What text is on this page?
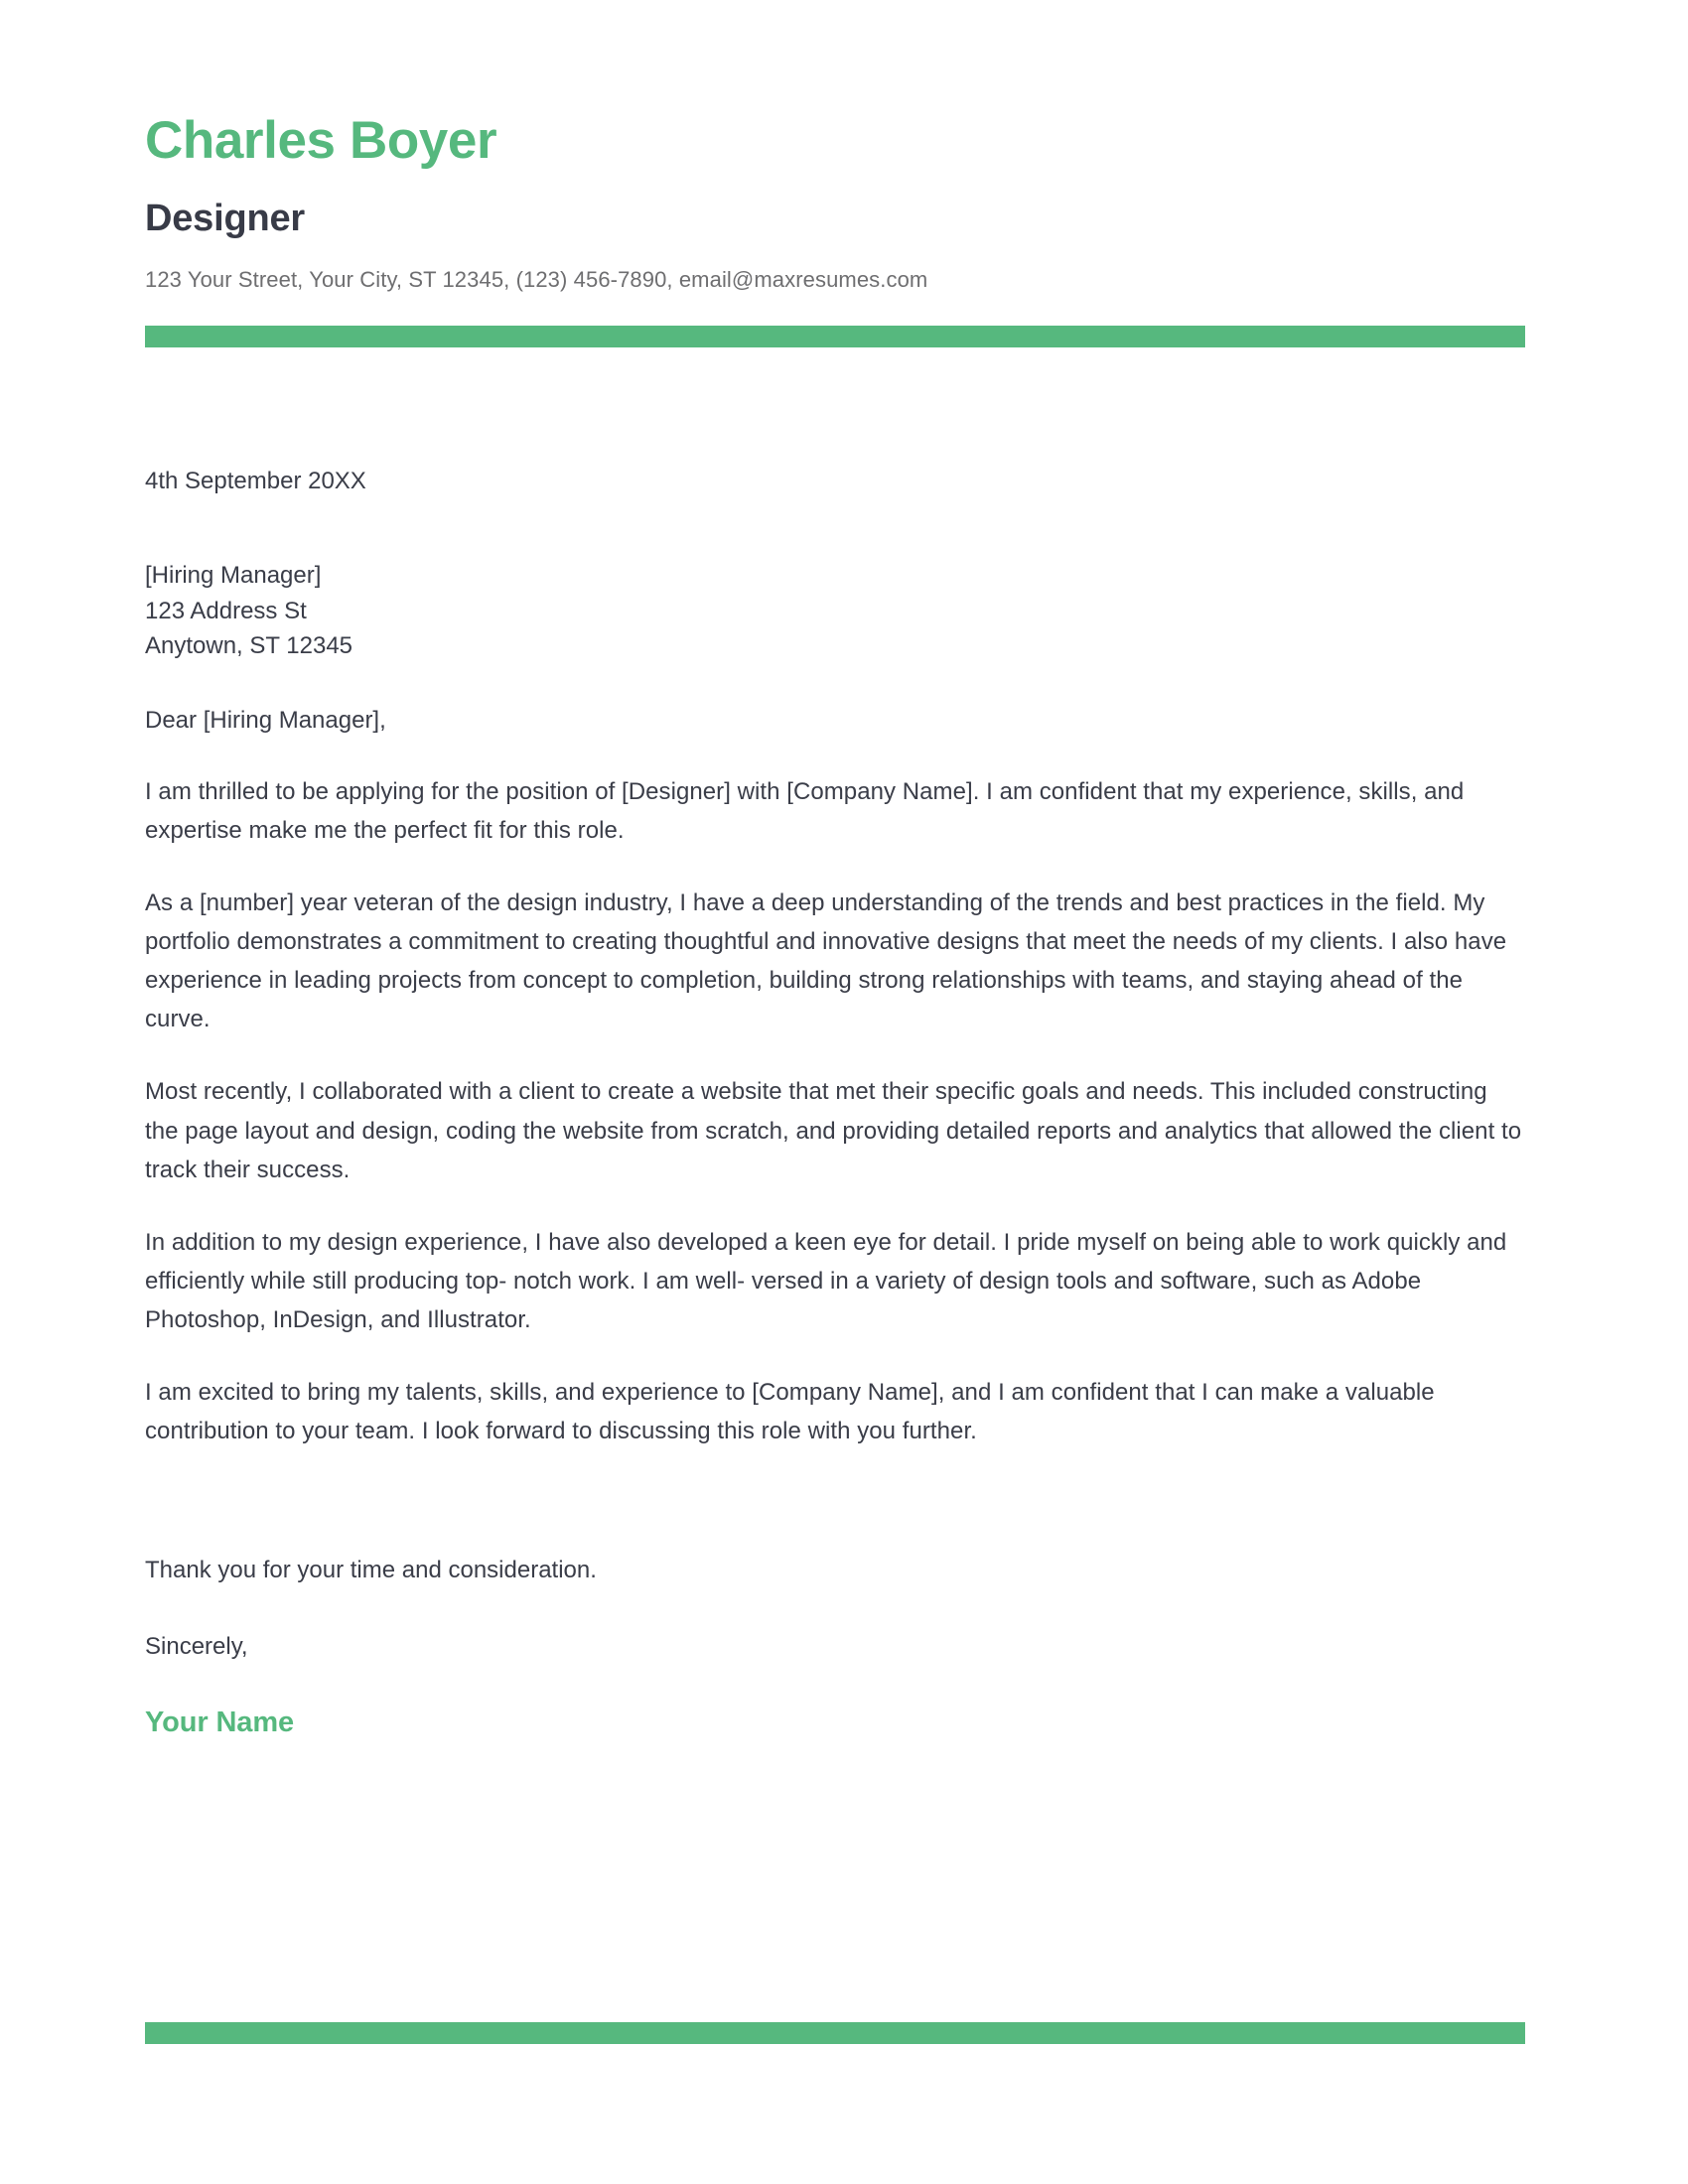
Charles Boyer
Designer

123 Your Street, Your City, ST 12345, (123) 456-7890, email@maxresumes.com

4th September 20XX

[Hiring Manager]
123 Address St
Anytown, ST 12345

Dear [Hiring Manager],

I am thrilled to be applying for the position of [Designer] with [Company Name]. I am confident that my experience, skills, and expertise make me the perfect fit for this role.

As a [number] year veteran of the design industry, I have a deep understanding of the trends and best practices in the field. My portfolio demonstrates a commitment to creating thoughtful and innovative designs that meet the needs of my clients. I also have experience in leading projects from concept to completion, building strong relationships with teams, and staying ahead of the curve.

Most recently, I collaborated with a client to create a website that met their specific goals and needs. This included constructing the page layout and design, coding the website from scratch, and providing detailed reports and analytics that allowed the client to track their success.

In addition to my design experience, I have also developed a keen eye for detail. I pride myself on being able to work quickly and efficiently while still producing top- notch work. I am well- versed in a variety of design tools and software, such as Adobe Photoshop, InDesign, and Illustrator.

I am excited to bring my talents, skills, and experience to [Company Name], and I am confident that I can make a valuable contribution to your team. I look forward to discussing this role with you further.

Thank you for your time and consideration.

Sincerely,

Your Name
